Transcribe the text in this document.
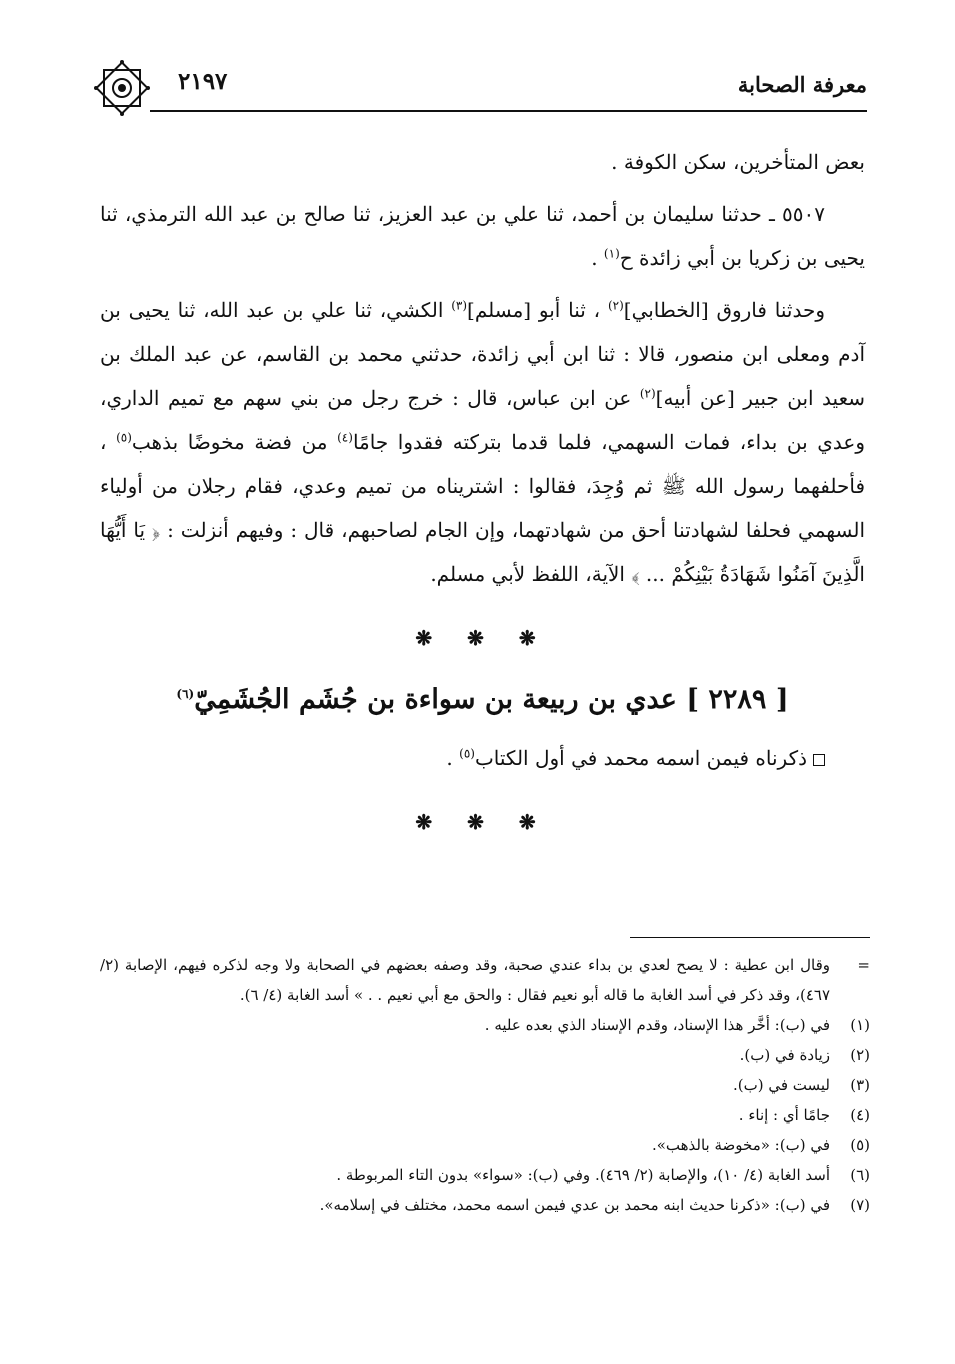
معرفة الصحابة
٢١٩٧

بعض المتأخرين، سكن الكوفة .

٥٥٠٧ ـ حدثنا سليمان بن أحمد، ثنا علي بن عبد العزيز، ثنا صالح بن عبد الله الترمذي، ثنا يحيى بن زكريا بن أبي زائدة ح$^{(١)}$ .

وحدثنا فاروق [الخطابي]$^{(٢)}$ ، ثنا أبو [مسلم]$^{(٣)}$ الكشي، ثنا علي بن عبد الله، ثنا يحيى بن آدم ومعلى ابن منصور، قالا : ثنا ابن أبي زائدة، حدثني محمد بن القاسم، عن عبد الملك بن سعيد ابن جبير [عن أبيه]$^{(٢)}$ عن ابن عباس، قال : خرج رجل من بني سهم مع تميم الداري، وعدي بن بداء، فمات السهمي، فلما قدما بتركته فقدوا جامًا$^{(٤)}$ من فضة مخوضًا بذهب$^{(٥)}$ ، فأحلفهما رسول الله ﷺ ثم وُجِدَ، فقالوا : اشتريناه من تميم وعدي، فقام رجلان من أولياء السهمي فحلفا لشهادتنا أحق من شهادتهما، وإن الجام لصاحبهم، قال : وفيهم أنزلت : ﴿ يَا أَيُّهَا الَّذِينَ آمَنُوا شَهَادَةُ بَيْنِكُمْ ... ﴾ الآية، اللفظ لأبي مسلم.

❋ ❋ ❋
[ ٢٢٨٩ ] عدي بن ربيعة بن سواءة بن جُشَم الجُشَمِيّ$^{(٦)}$

ذكرناه فيمن اسمه محمد في أول الكتاب$^{(٥)}$ .

❋ ❋ ❋
=
وقال ابن عطية : لا يصح لعدي بن بداء عندي صحبة، وقد وصفه بعضهم في الصحابة ولا وجه لذكره فيهم، الإصابة (٢/ ٤٦٧)، وقد ذكر في أسد الغابة ما قاله أبو نعيم فقال : والحق مع أبي نعيم . . » أسد الغابة (٤/ ٦).
(١)
في (ب): أخَّر هذا الإسناد، وقدم الإسناد الذي بعده عليه .
(٢)
زيادة في (ب).
(٣)
ليست في (ب).
(٤)
جامًا أي : إناء .
(٥)
في (ب): «مخوضة بالذهب».
(٦)
أسد الغابة (٤/ ١٠)، والإصابة (٢/ ٤٦٩). وفي (ب): «سواء» بدون التاء المربوطة .
(٧)
في (ب): «ذكرنا حديث ابنه محمد بن عدي فيمن اسمه محمد، مختلف في إسلامه».
